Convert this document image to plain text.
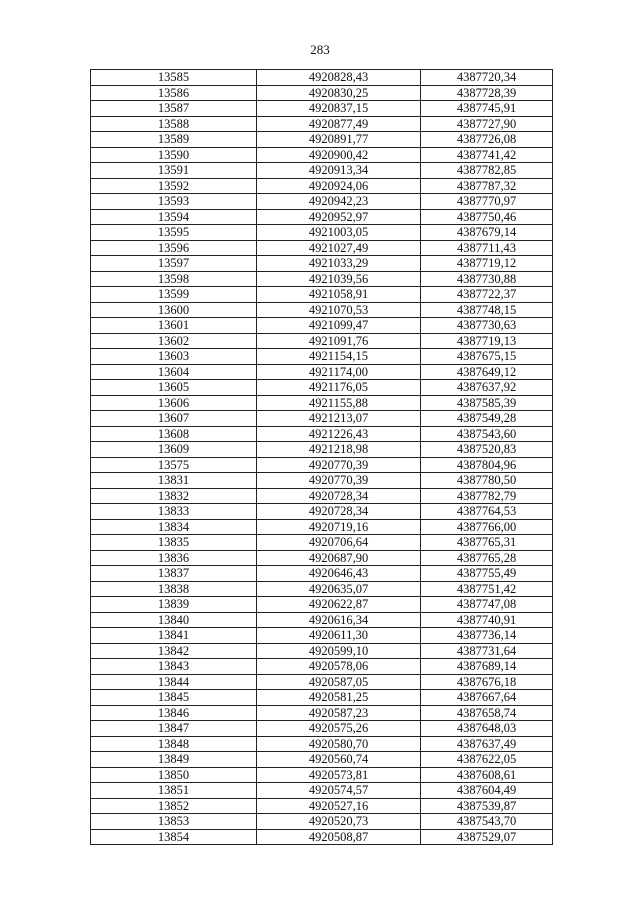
283
13585	4920828,43	4387720,34
13586	4920830,25	4387728,39
13587	4920837,15	4387745,91
13588	4920877,49	4387727,90
13589	4920891,77	4387726,08
13590	4920900,42	4387741,42
13591	4920913,34	4387782,85
13592	4920924,06	4387787,32
13593	4920942,23	4387770,97
13594	4920952,97	4387750,46
13595	4921003,05	4387679,14
13596	4921027,49	4387711,43
13597	4921033,29	4387719,12
13598	4921039,56	4387730,88
13599	4921058,91	4387722,37
13600	4921070,53	4387748,15
13601	4921099,47	4387730,63
13602	4921091,76	4387719,13
13603	4921154,15	4387675,15
13604	4921174,00	4387649,12
13605	4921176,05	4387637,92
13606	4921155,88	4387585,39
13607	4921213,07	4387549,28
13608	4921226,43	4387543,60
13609	4921218,98	4387520,83
13575	4920770,39	4387804,96
13831	4920770,39	4387780,50
13832	4920728,34	4387782,79
13833	4920728,34	4387764,53
13834	4920719,16	4387766,00
13835	4920706,64	4387765,31
13836	4920687,90	4387765,28
13837	4920646,43	4387755,49
13838	4920635,07	4387751,42
13839	4920622,87	4387747,08
13840	4920616,34	4387740,91
13841	4920611,30	4387736,14
13842	4920599,10	4387731,64
13843	4920578,06	4387689,14
13844	4920587,05	4387676,18
13845	4920581,25	4387667,64
13846	4920587,23	4387658,74
13847	4920575,26	4387648,03
13848	4920580,70	4387637,49
13849	4920560,74	4387622,05
13850	4920573,81	4387608,61
13851	4920574,57	4387604,49
13852	4920527,16	4387539,87
13853	4920520,73	4387543,70
13854	4920508,87	4387529,07
